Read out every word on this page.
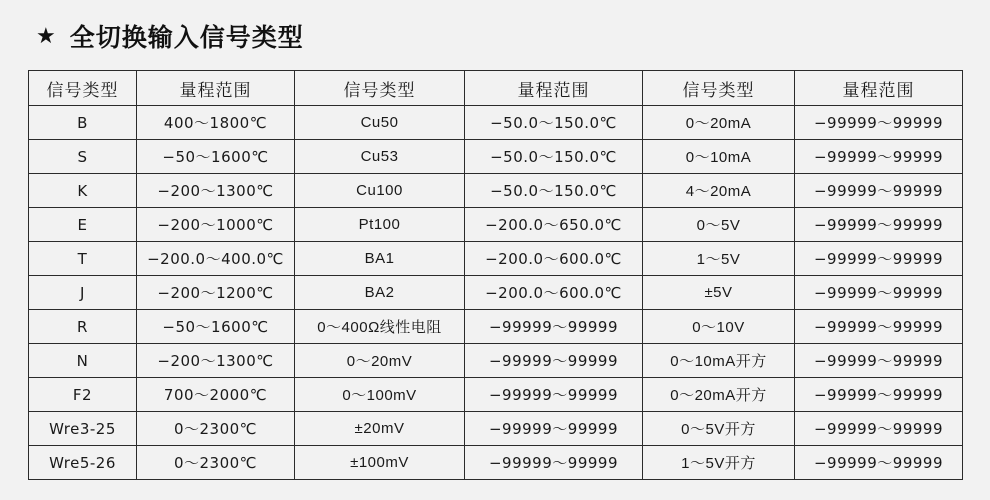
★ 全切换输入信号类型
信号类型	量程范围	信号类型	量程范围	信号类型	量程范围
B	400～1800℃	Cu50	−50.0～150.0℃	0～20mA	−99999～99999
S	−50～1600℃	Cu53	−50.0～150.0℃	0～10mA	−99999～99999
K	−200～1300℃	Cu100	−50.0～150.0℃	4～20mA	−99999～99999
E	−200～1000℃	Pt100	−200.0～650.0℃	0～5V	−99999～99999
T	−200.0～400.0℃	BA1	−200.0～600.0℃	1～5V	−99999～99999
J	−200～1200℃	BA2	−200.0～600.0℃	±5V	−99999～99999
R	−50～1600℃	0～400Ω线性电阻	−99999～99999	0～10V	−99999～99999
N	−200～1300℃	0～20mV	−99999～99999	0～10mA开方	−99999～99999
F2	700～2000℃	0～100mV	−99999～99999	0～20mA开方	−99999～99999
Wre3-25	0～2300℃	±20mV	−99999～99999	0～5V开方	−99999～99999
Wre5-26	0～2300℃	±100mV	−99999～99999	1～5V开方	−99999～99999
